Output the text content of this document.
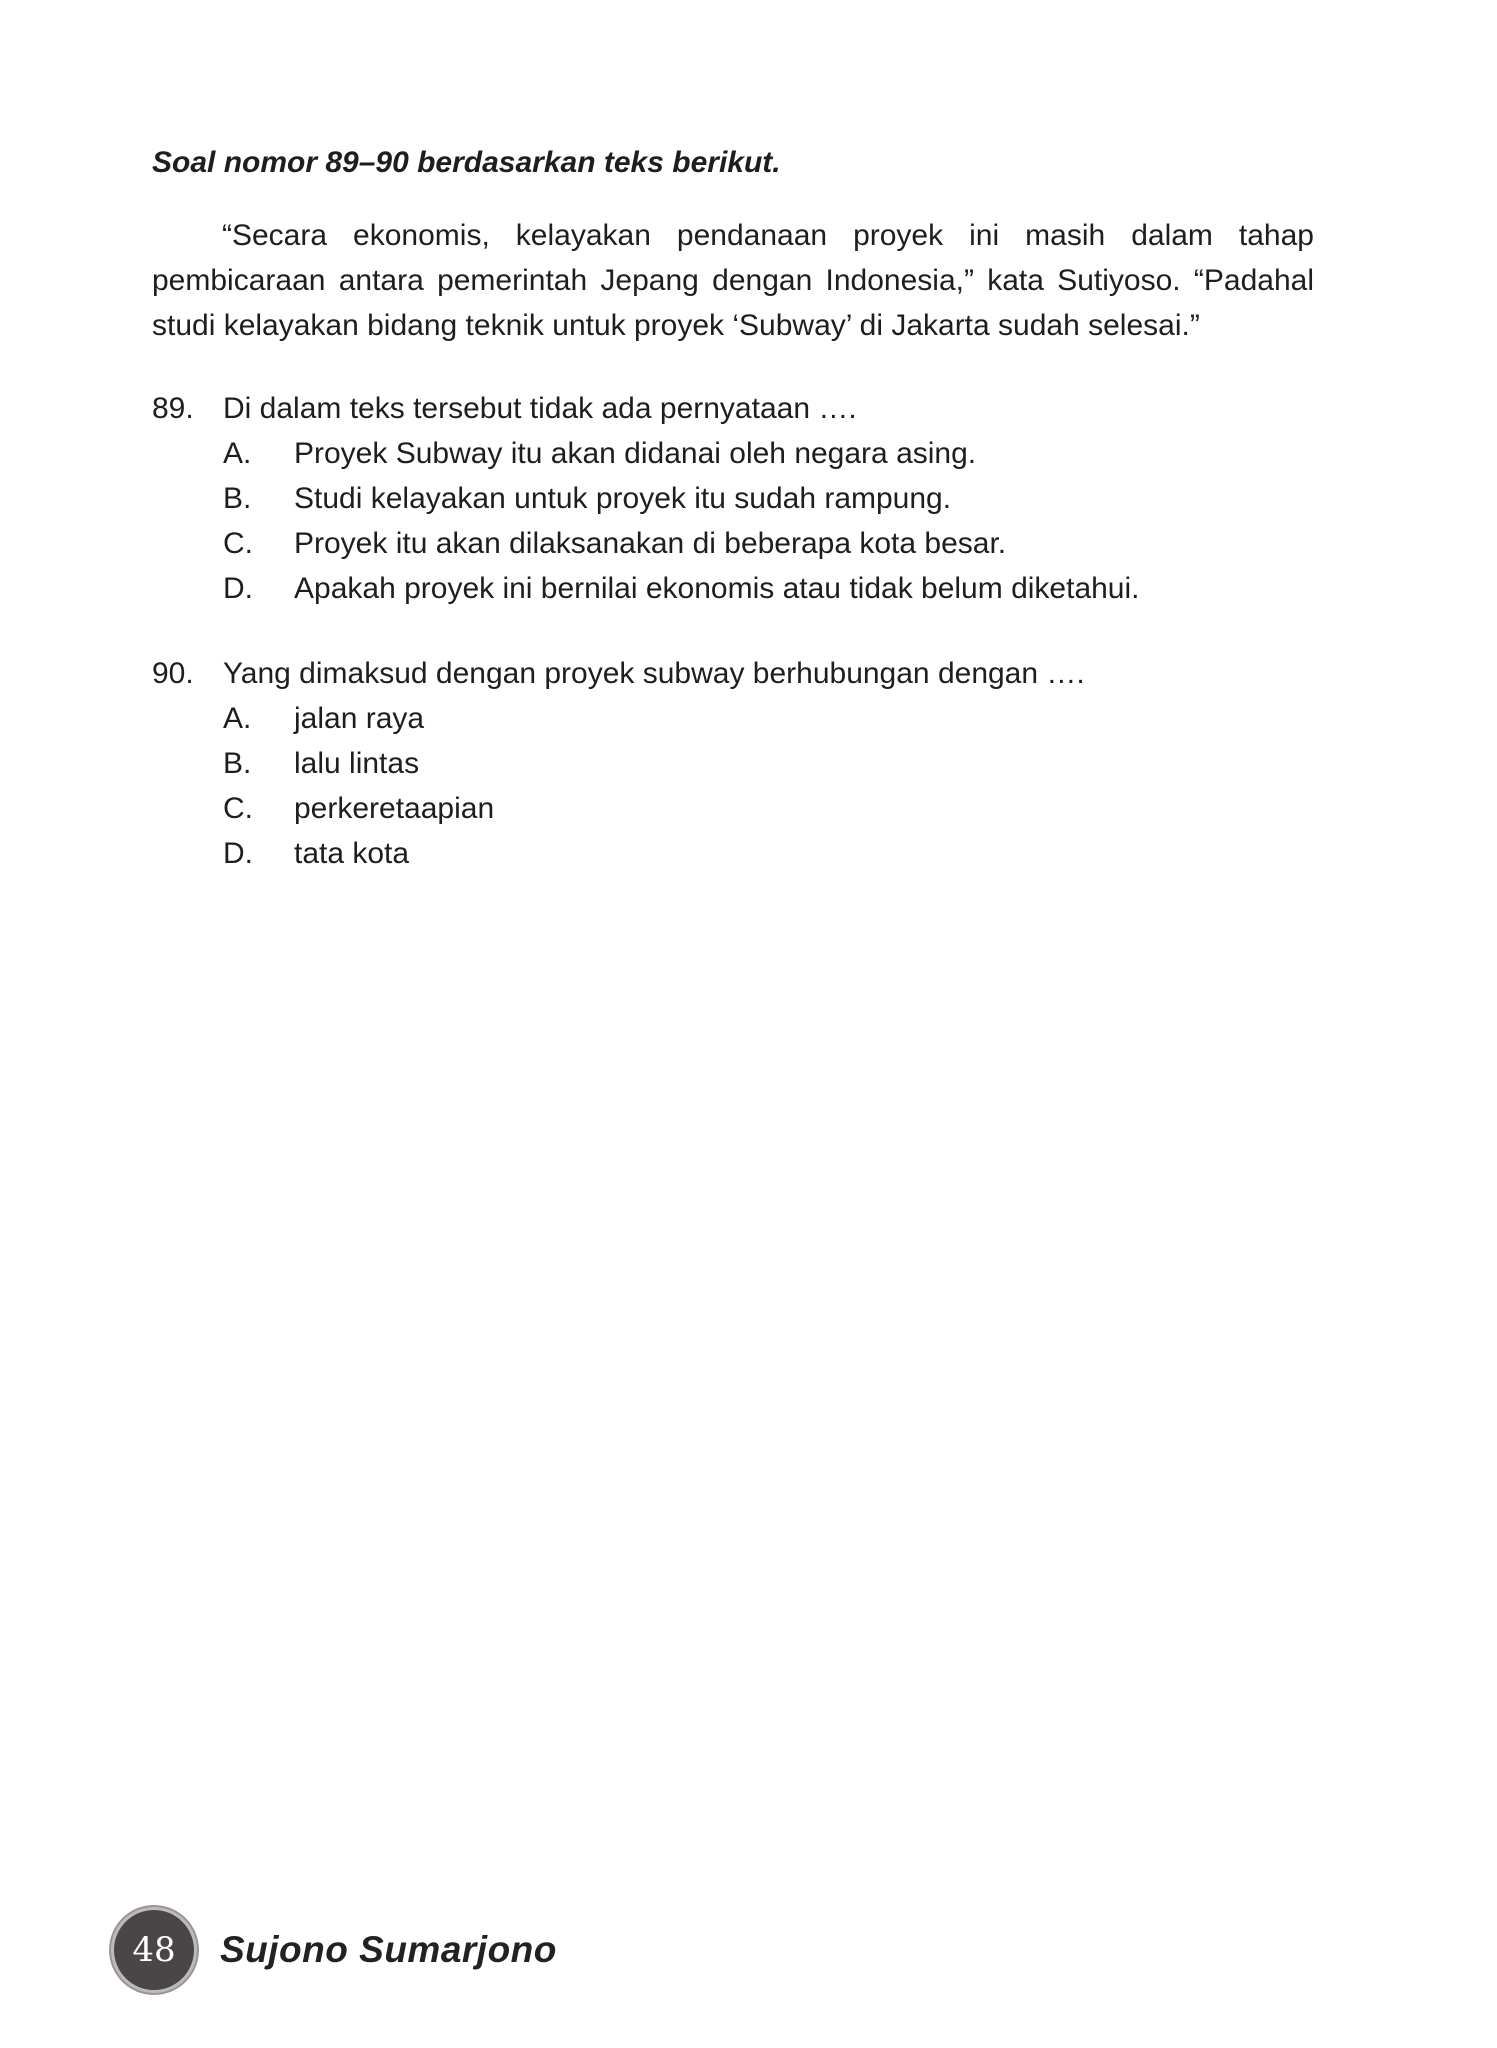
Soal nomor 89–90 berdasarkan teks berikut.

“Secara ekonomis, kelayakan pendanaan proyek ini masih dalam tahap pembicaraan antara pemerintah Jepang dengan Indonesia,” kata Sutiyoso. “Padahal studi kelayakan bidang teknik untuk proyek ‘Subway’ di Jakarta sudah selesai.”

89. Di dalam teks tersebut tidak ada pernyataan ….
A.	Proyek Subway itu akan didanai oleh negara asing.
B.	Studi kelayakan untuk proyek itu sudah rampung.
C.	Proyek itu akan dilaksanakan di beberapa kota besar.
D.	Apakah proyek ini bernilai ekonomis atau tidak belum diketahui.
90. Yang dimaksud dengan proyek subway berhubungan dengan ….
A.	jalan raya
B.	lalu lintas
C.	perkeretaapian
D.	tata kota
48	Sujono Sumarjono
